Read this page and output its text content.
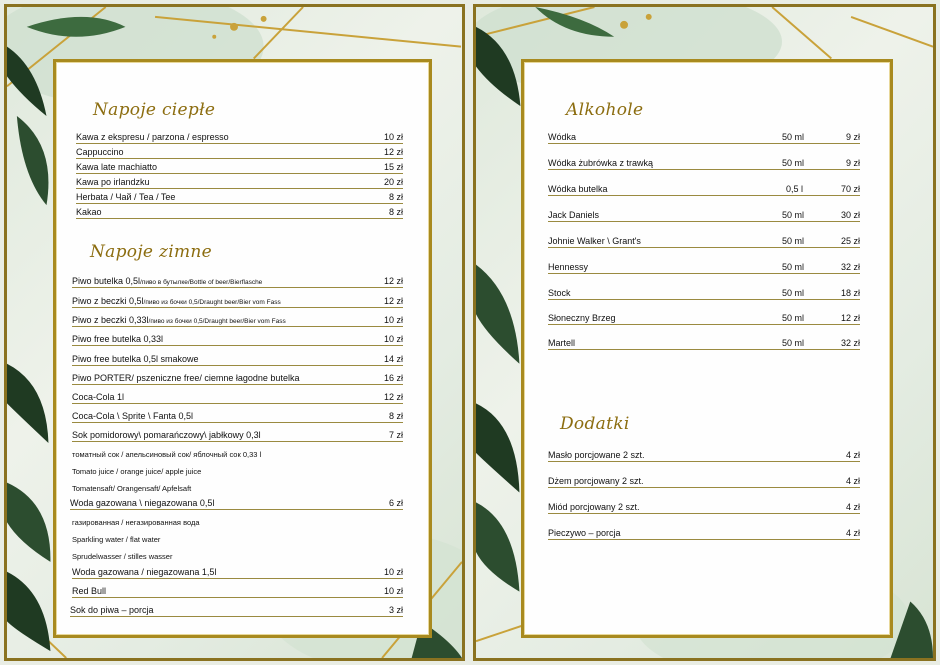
Napoje ciepłe
Kawa z ekspresu / parzona / espresso	10 zł
Cappuccino	12 zł
Kawa late machiatto	15 zł
Kawa po irlandzku	20 zł
Herbata / Чай / Tea / Tee	8 zł
Kakao	8 zł
Napoje zimne
Piwo butelka 0,5l/пиво в бутылке/Bottle of beer/Bierflasche	12 zł
Piwo z beczki 0,5l/пиво из бочки 0,5/Draught beer/Bier vom Fass	12 zł
Piwo z beczki 0,33l/пиво из бочки 0,5/Draught beer/Bier vom Fass	10 zł
Piwo free butelka 0,33l	10 zł
Piwo free butelka 0,5l smakowe	14 zł
Piwo PORTER/ pszeniczne free/ ciemne łagodne butelka	16 zł
Coca-Cola 1l	12 zł
Coca-Cola \ Sprite \ Fanta 0,5l	8 zł
Sok pomidorowy\ pomarańczowy\ jabłkowy 0,3l	7 zł
томатный сок / апельсиновый сок/ яблочный сок 0,33 l
Tomato juice / orange juice/ apple juice
Tomatensaft/ Orangensaft/ Apfelsaft
Woda gazowana \ niegazowana 0,5l	6 zł
газированная / негазированная вода
Sparkling water / flat water
Sprudelwasser / stilles wasser
Woda gazowana / niegazowana 1,5l	10 zł
Red Bull	10 zł
Sok do piwa – porcja	3 zł
Alkohole
Wódka	50 ml	9 zł
Wódka żubrówka z trawką	50 ml	9 zł
Wódka butelka	0,5 l	70 zł
Jack Daniels	50 ml	30 zł
Johnie Walker \ Grant's	50 ml	25 zł
Hennessy	50 ml	32 zł
Stock	50 ml	18 zł
Słoneczny Brzeg	50 ml	12 zł
Martell	50 ml	32 zł
Dodatki
Masło porcjowane 2 szt.	4 zł
Dżem porcjowany 2 szt.	4 zł
Miód porcjowany 2 szt.	4 zł
Pieczywo – porcja	4 zł
